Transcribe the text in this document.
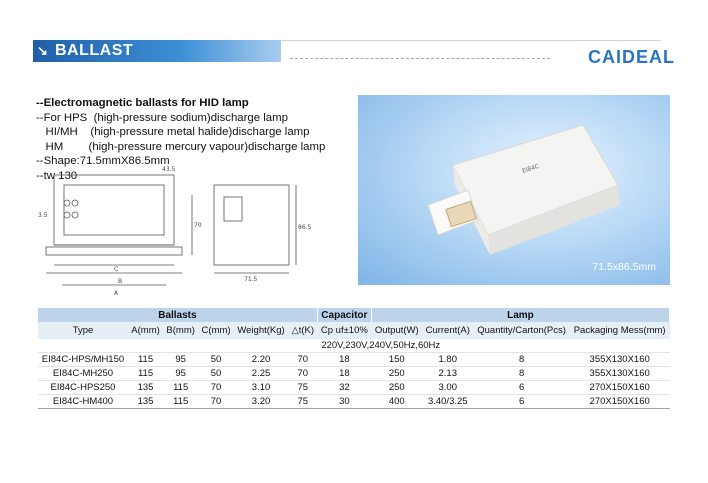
↘ BALLAST	CAIDEAL
--Electromagnetic ballasts for HID lamp
--For HPS  (high-pressure sodium)discharge lamp
HI/MH    (high-pressure metal halide)discharge lamp
HM        (high-pressure mercury vapour)discharge lamp
--Shape:71.5mmX86.5mm
--tw 130
EI84C
71.5x86.5mm
B
C
A
71.5
86.5
70
43.5
3.5
Ballasts						Capacitor	Lamp			
Type	A(mm)	B(mm)	C(mm)	Weight(Kg)	△t(K)	Cp uf±10%	Output(W)	Current(A)	Quantity/Carton(Pcs)	Packaging Mess(mm)
						220V,230V,240V,50Hz,60Hz				
EI84C-HPS/MH150	115	95	50	2.20	70	18	150	1.80	8	355X130X160
EI84C-MH250	115	95	50	2.25	70	18	250	2.13	8	355X130X160
EI84C-HPS250	135	115	70	3.10	75	32	250	3.00	6	270X150X160
EI84C-HM400	135	115	70	3.20	75	30	400	3.40/3.25	6	270X150X160
